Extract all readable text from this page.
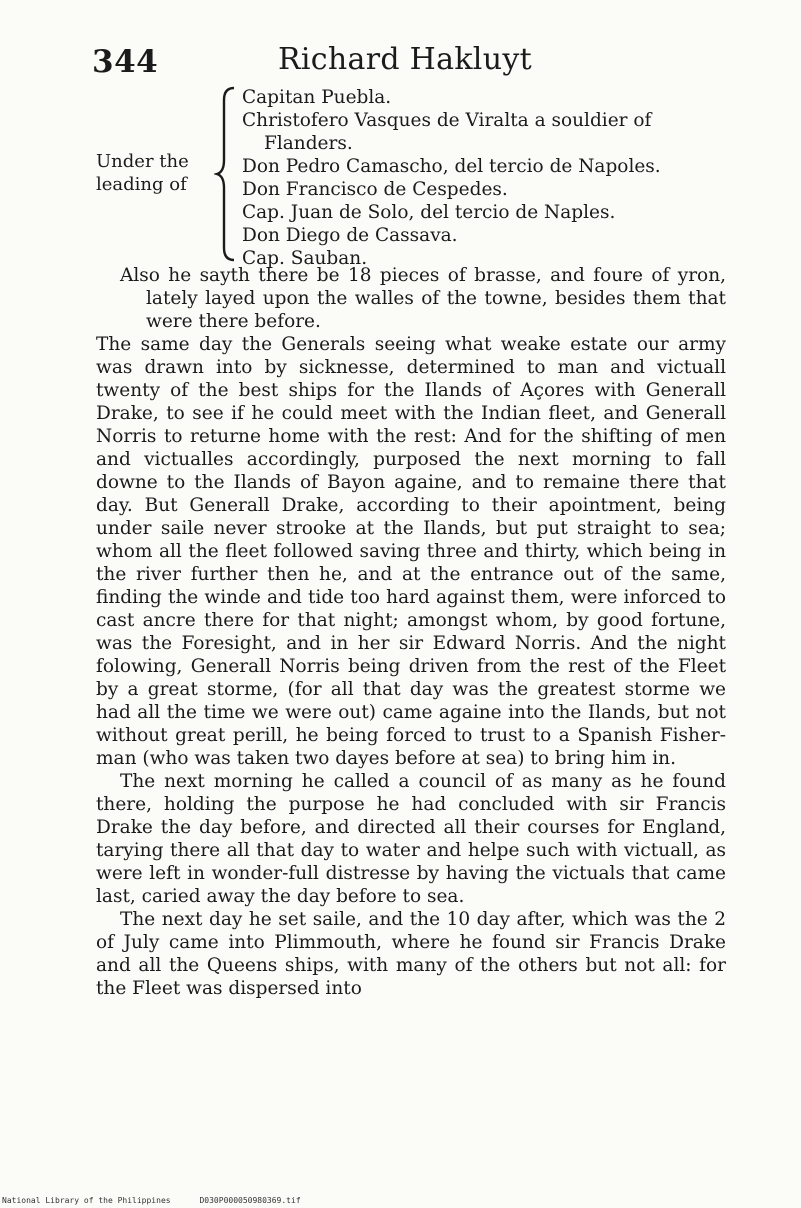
344	Richard Hakluyt
Under the leading of
Capitan Puebla.
Christofero Vasques de Viralta a souldier of Flanders.
Don Pedro Camascho, del tercio de Napoles.
Don Francisco de Cespedes.
Cap. Juan de Solo, del tercio de Naples.
Don Diego de Cassava.
Cap. Sauban.

Also he sayth there be 18 pieces of brasse, and foure of yron, lately layed upon the walles of the towne, besides them that were there before.

The same day the Generals seeing what weake estate our army was drawn into by sicknesse, determined to man and victuall twenty of the best ships for the Ilands of Açores with Generall Drake, to see if he could meet with the Indian fleet, and Generall Norris to returne home with the rest: And for the shifting of men and victualles accordingly, purposed the next morning to fall downe to the Ilands of Bayon againe, and to remaine there that day. But Generall Drake, according to their apointment, being under saile never strooke at the Ilands, but put straight to sea; whom all the fleet followed saving three and thirty, which being in the river further then he, and at the entrance out of the same, finding the winde and tide too hard against them, were inforced to cast ancre there for that night; amongst whom, by good fortune, was the Foresight, and in her sir Edward Norris. And the night folowing, Generall Norris being driven from the rest of the Fleet by a great storme, (for all that day was the greatest storme we had all the time we were out) came againe into the Ilands, but not without great perill, he being forced to trust to a Spanish Fisher-man (who was taken two dayes before at sea) to bring him in.

The next morning he called a council of as many as he found there, holding the purpose he had concluded with sir Francis Drake the day before, and directed all their courses for England, tarying there all that day to water and helpe such with victuall, as were left in wonder-full distresse by having the victuals that came last, caried away the day before to sea.

The next day he set saile, and the 10 day after, which was the 2 of July came into Plimmouth, where he found sir Francis Drake and all the Queens ships, with many of the others but not all: for the Fleet was dispersed into

National Library of the Philippines	D030P000050980369.tif
